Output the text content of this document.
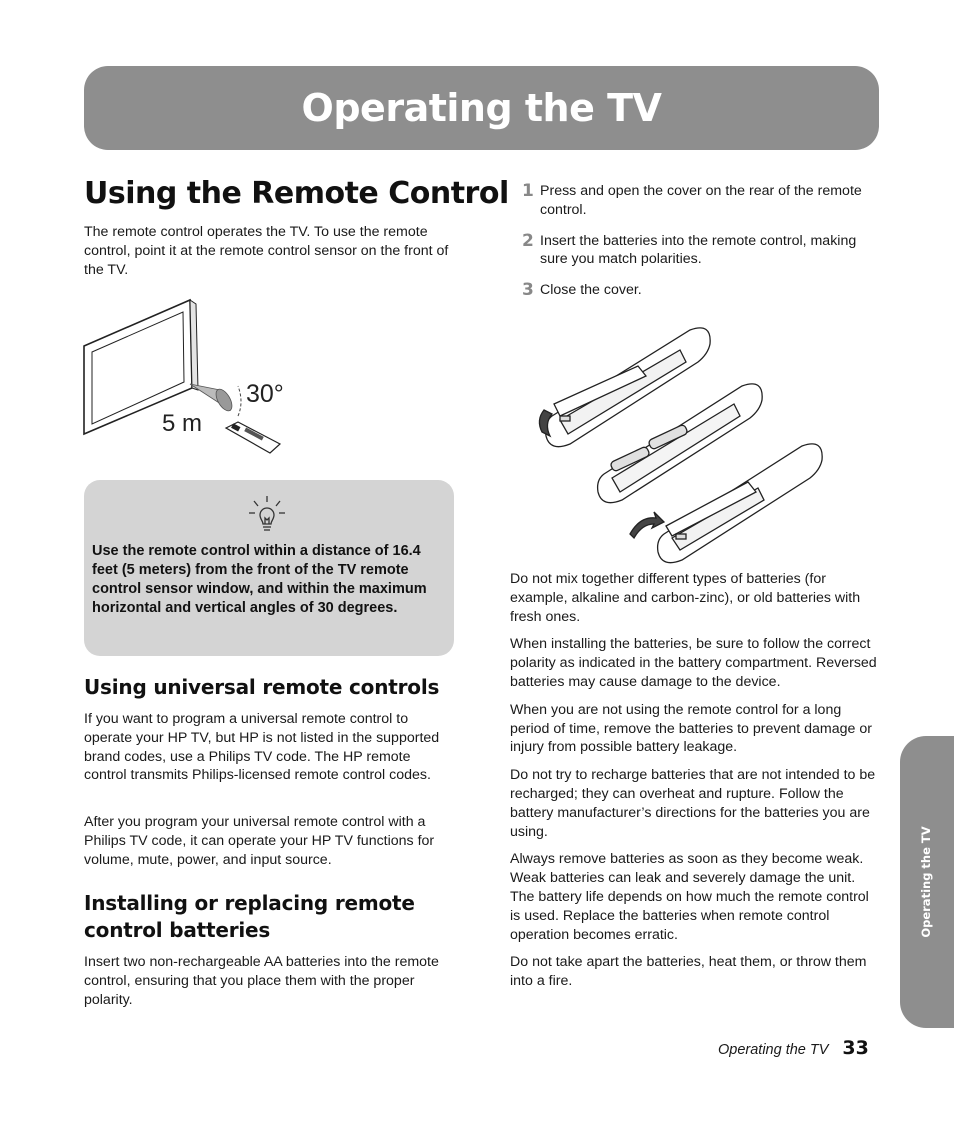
Operating the TV
Using the Remote Control

The remote control operates the TV. To use the remote control, point it at the remote control sensor on the front of the TV.

30°
5 m

Use the remote control within a distance of 16.4 feet (5 meters) from the front of the TV remote control sensor window, and within the maximum horizontal and vertical angles of 30 degrees.

Using universal remote controls

If you want to program a universal remote control to operate your HP TV, but HP is not listed in the supported brand codes, use a Philips TV code. The HP remote control transmits Philips-licensed remote control codes.

After you program your universal remote control with a Philips TV code, it can operate your HP TV functions for volume, mute, power, and input source.

Installing or replacing remote control batteries

Insert two non-rechargeable AA batteries into the remote control, ensuring that you place them with the proper polarity.

1 Press and open the cover on the rear of the remote control.
2 Insert the batteries into the remote control, making sure you match polarities.
3 Close the cover.

Do not mix together different types of batteries (for example, alkaline and carbon-zinc), or old batteries with fresh ones.

When installing the batteries, be sure to follow the correct polarity as indicated in the battery compartment. Reversed batteries may cause damage to the device.

When you are not using the remote control for a long period of time, remove the batteries to prevent damage or injury from possible battery leakage.

Do not try to recharge batteries that are not intended to be recharged; they can overheat and rupture. Follow the battery manufacturer’s directions for the batteries you are using.

Always remove batteries as soon as they become weak. Weak batteries can leak and severely damage the unit. The battery life depends on how much the remote control is used. Replace the batteries when remote control operation becomes erratic.

Do not take apart the batteries, heat them, or throw them into a fire.

Operating the TV
Operating the TV 33
